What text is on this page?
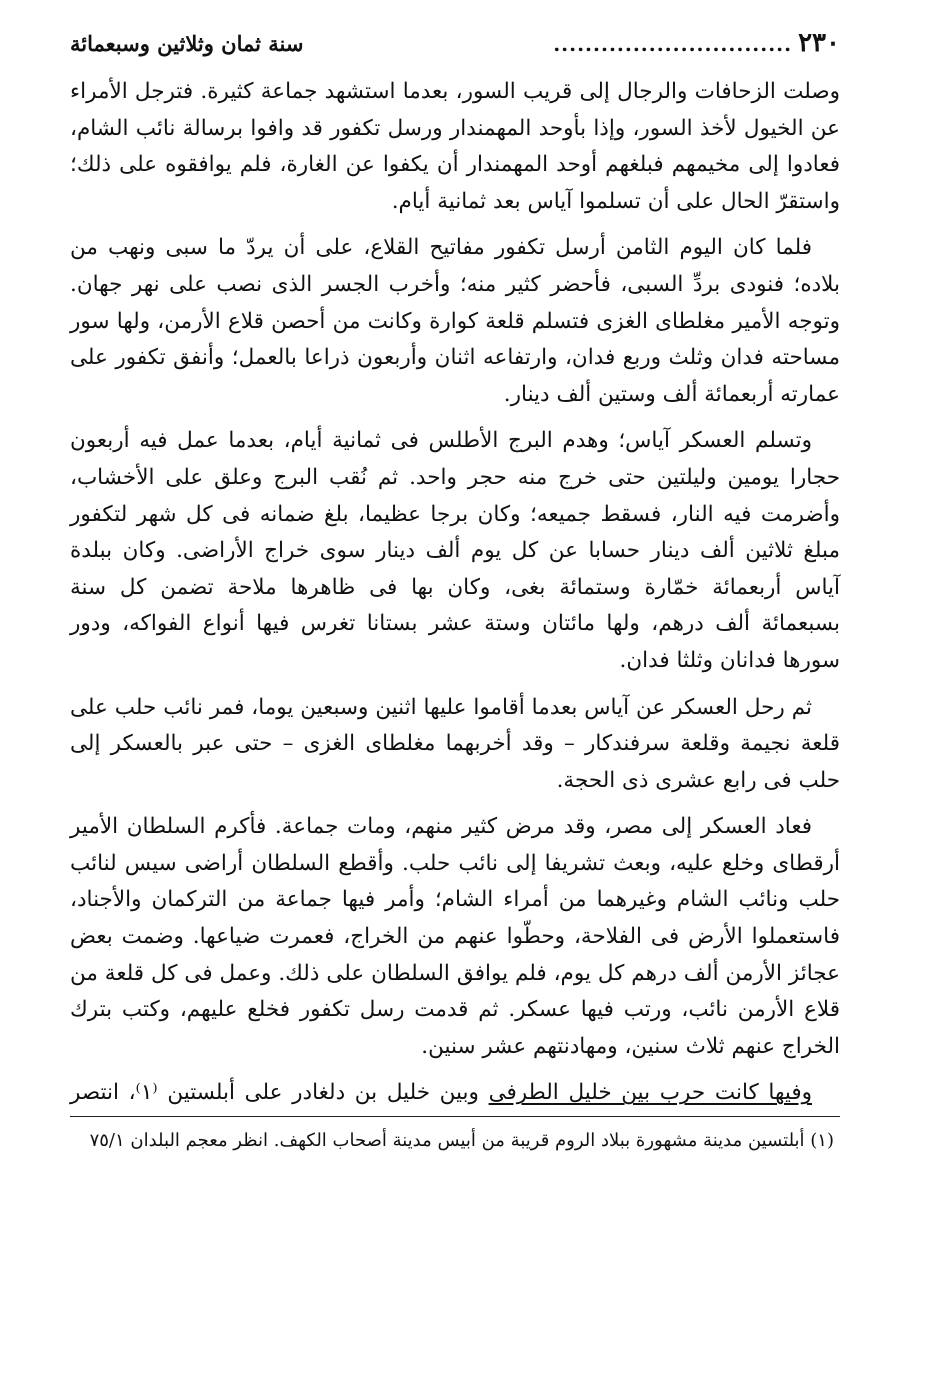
٢٣٠
..............................
سنة ثمان وثلاثين وسبعمائة

وصلت الزحافات والرجال إلى قريب السور، بعدما استشهد جماعة كثيرة. فترجل الأمراء عن الخيول لأخذ السور، وإذا بأوحد المهمندار ورسل تكفور قد وافوا برسالة نائب الشام، فعادوا إلى مخيمهم فبلغهم أوحد المهمندار أن يكفوا عن الغارة، فلم يوافقوه على ذلك؛ واستقرّ الحال على أن تسلموا آياس بعد ثمانية أيام.

فلما كان اليوم الثامن أرسل تكفور مفاتيح القلاع، على أن يردّ ما سبى ونهب من بلاده؛ فنودى بردِّ السبى، فأحضر كثير منه؛ وأخرب الجسر الذى نصب على نهر جهان. وتوجه الأمير مغلطاى الغزى فتسلم قلعة كوارة وكانت من أحصن قلاع الأرمن، ولها سور مساحته فدان وثلث وربع فدان، وارتفاعه اثنان وأربعون ذراعا بالعمل؛ وأنفق تكفور على عمارته أربعمائة ألف وستين ألف دينار.

وتسلم العسكر آياس؛ وهدم البرج الأطلس فى ثمانية أيام، بعدما عمل فيه أربعون حجارا يومين وليلتين حتى خرج منه حجر واحد. ثم نُقب البرج وعلق على الأخشاب، وأضرمت فيه النار، فسقط جميعه؛ وكان برجا عظيما، بلغ ضمانه فى كل شهر لتكفور مبلغ ثلاثين ألف دينار حسابا عن كل يوم ألف دينار سوى خراج الأراضى. وكان ببلدة آياس أربعمائة خمّارة وستمائة بغى، وكان بها فى ظاهرها ملاحة تضمن كل سنة بسبعمائة ألف درهم، ولها مائتان وستة عشر بستانا تغرس فيها أنواع الفواكه، ودور سورها فدانان وثلثا فدان.

ثم رحل العسكر عن آياس بعدما أقاموا عليها اثنين وسبعين يوما، فمر نائب حلب على قلعة نجيمة وقلعة سرفندكار – وقد أخربهما مغلطاى الغزى – حتى عبر بالعسكر إلى حلب فى رابع عشرى ذى الحجة.

فعاد العسكر إلى مصر، وقد مرض كثير منهم، ومات جماعة. فأكرم السلطان الأمير أرقطاى وخلع عليه، وبعث تشريفا إلى نائب حلب. وأقطع السلطان أراضى سيس لنائب حلب ونائب الشام وغيرهما من أمراء الشام؛ وأمر فيها جماعة من التركمان والأجناد، فاستعملوا الأرض فى الفلاحة، وحطّوا عنهم من الخراج، فعمرت ضياعها. وضمت بعض عجائز الأرمن ألف درهم كل يوم، فلم يوافق السلطان على ذلك. وعمل فى كل قلعة من قلاع الأرمن نائب، ورتب فيها عسكر. ثم قدمت رسل تكفور فخلع عليهم، وكتب بترك الخراج عنهم ثلاث سنين، ومهادنتهم عشر سنين.

وفيها كانت حرب بين خليل الطرفى وبين خليل بن دلغادر على أبلستين ⁽١⁾، انتصر

(١) أبلتسين مدينة مشهورة ببلاد الروم قريبة من أبيس مدينة أصحاب الكهف. انظر معجم البلدان ٧٥/١
